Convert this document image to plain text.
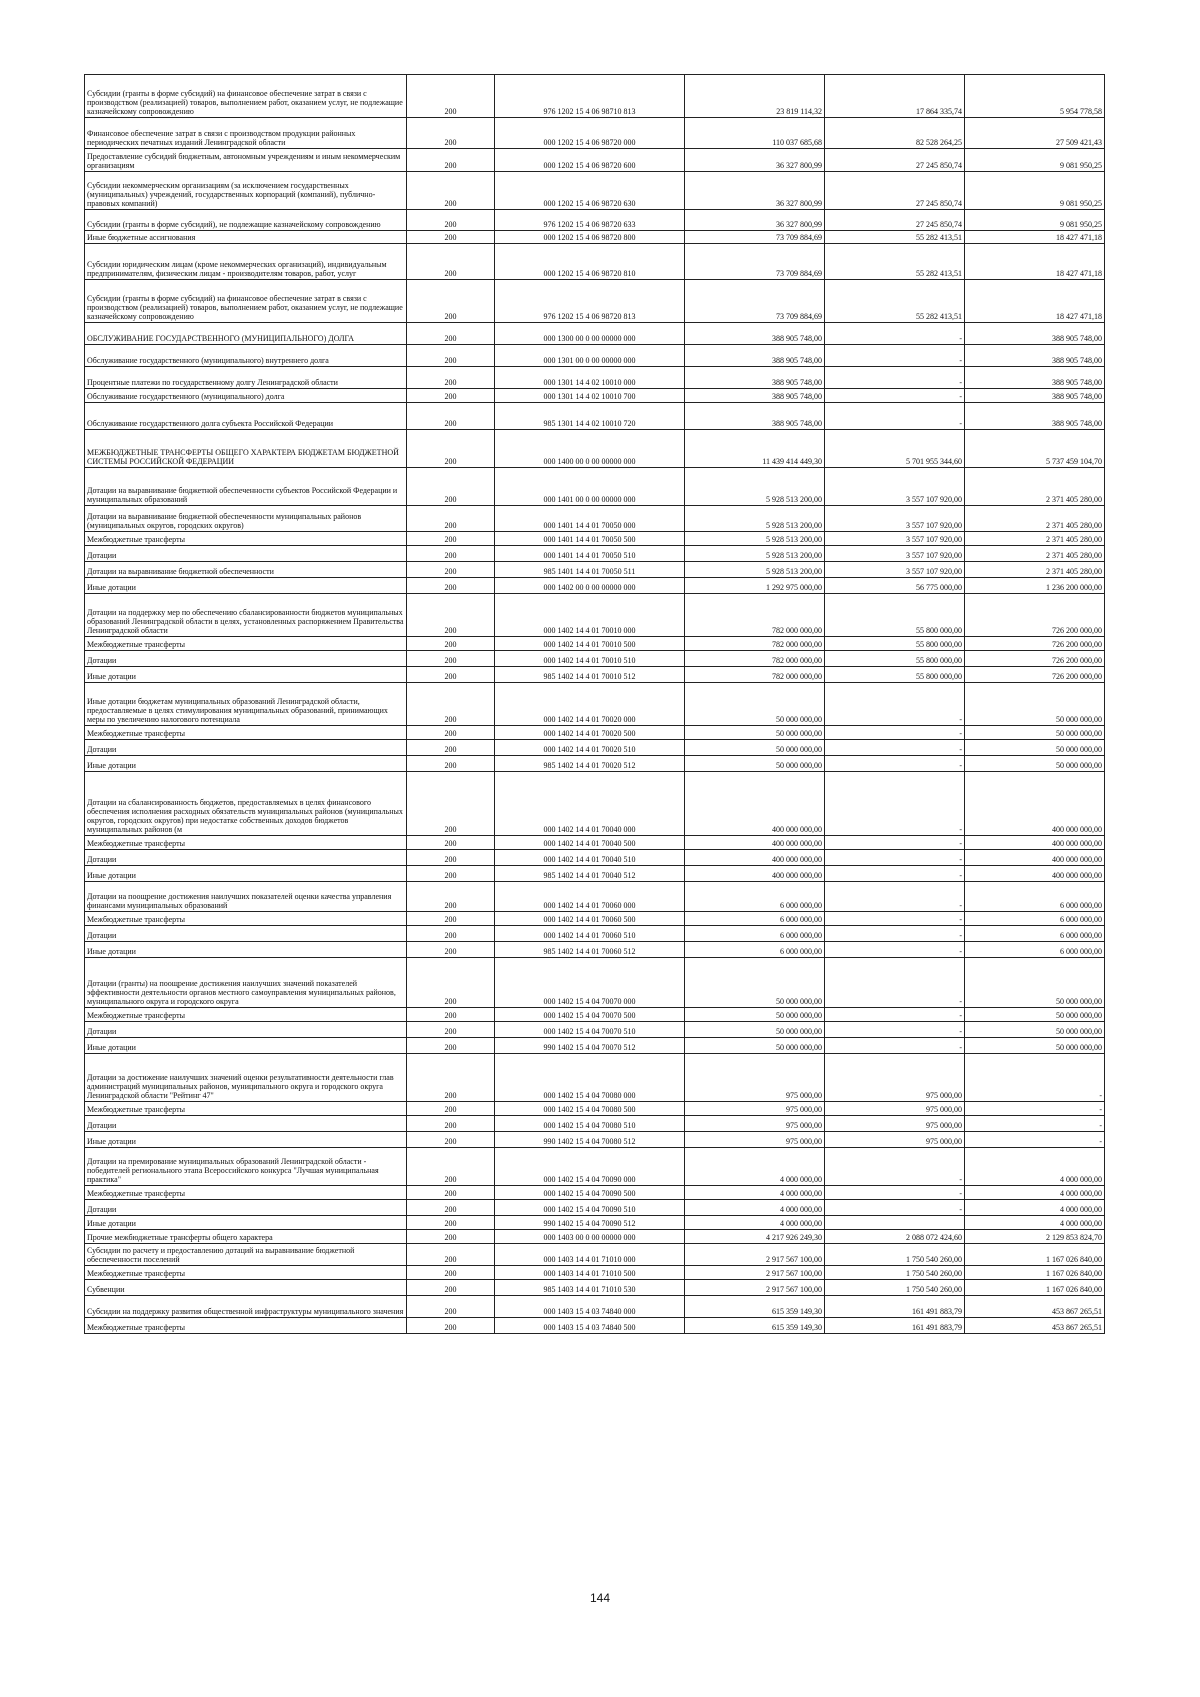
Субсидии (гранты в форме субсидий) на финансовое обеспечение затрат в связи с производством (реализацией) товаров, выполнением работ, оказанием услуг, не подлежащие казначейскому сопровождению	200	976 1202 15 4 06 98710 813	23 819 114,32	17 864 335,74	5 954 778,58
Финансовое обеспечение затрат в связи с производством продукции районных периодических печатных изданий Ленинградской области	200	000 1202 15 4 06 98720 000	110 037 685,68	82 528 264,25	27 509 421,43
Предоставление субсидий бюджетным, автономным учреждениям и иным некоммерческим организациям	200	000 1202 15 4 06 98720 600	36 327 800,99	27 245 850,74	9 081 950,25
Субсидии некоммерческим организациям (за исключением государственных (муниципальных) учреждений, государственных корпораций (компаний), публично-правовых компаний)	200	000 1202 15 4 06 98720 630	36 327 800,99	27 245 850,74	9 081 950,25
Субсидии (гранты в форме субсидий), не подлежащие казначейскому сопровождению	200	976 1202 15 4 06 98720 633	36 327 800,99	27 245 850,74	9 081 950,25
Иные бюджетные ассигнования	200	000 1202 15 4 06 98720 800	73 709 884,69	55 282 413,51	18 427 471,18
Субсидии юридическим лицам (кроме некоммерческих организаций), индивидуальным предпринимателям, физическим лицам - производителям товаров, работ, услуг	200	000 1202 15 4 06 98720 810	73 709 884,69	55 282 413,51	18 427 471,18
Субсидии (гранты в форме субсидий) на финансовое обеспечение затрат в связи с производством (реализацией) товаров, выполнением работ, оказанием услуг, не подлежащие казначейскому сопровождению	200	976 1202 15 4 06 98720 813	73 709 884,69	55 282 413,51	18 427 471,18
ОБСЛУЖИВАНИЕ ГОСУДАРСТВЕННОГО (МУНИЦИПАЛЬНОГО) ДОЛГА	200	000 1300 00 0 00 00000 000	388 905 748,00	-	388 905 748,00
Обслуживание государственного (муниципального) внутреннего долга	200	000 1301 00 0 00 00000 000	388 905 748,00	-	388 905 748,00
Процентные платежи по государственному долгу Ленинградской области	200	000 1301 14 4 02 10010 000	388 905 748,00	-	388 905 748,00
Обслуживание государственного (муниципального) долга	200	000 1301 14 4 02 10010 700	388 905 748,00	-	388 905 748,00
Обслуживание государственного долга субъекта Российской Федерации	200	985 1301 14 4 02 10010 720	388 905 748,00	-	388 905 748,00
МЕЖБЮДЖЕТНЫЕ ТРАНСФЕРТЫ ОБЩЕГО ХАРАКТЕРА БЮДЖЕТАМ БЮДЖЕТНОЙ СИСТЕМЫ РОССИЙСКОЙ ФЕДЕРАЦИИ	200	000 1400 00 0 00 00000 000	11 439 414 449,30	5 701 955 344,60	5 737 459 104,70
Дотации на выравнивание бюджетной обеспеченности субъектов Российской Федерации и муниципальных образований	200	000 1401 00 0 00 00000 000	5 928 513 200,00	3 557 107 920,00	2 371 405 280,00
Дотации на выравнивание бюджетной обеспеченности муниципальных районов (муниципальных округов, городских округов)	200	000 1401 14 4 01 70050 000	5 928 513 200,00	3 557 107 920,00	2 371 405 280,00
Межбюджетные трансферты	200	000 1401 14 4 01 70050 500	5 928 513 200,00	3 557 107 920,00	2 371 405 280,00
Дотации	200	000 1401 14 4 01 70050 510	5 928 513 200,00	3 557 107 920,00	2 371 405 280,00
Дотации на выравнивание бюджетной обеспеченности	200	985 1401 14 4 01 70050 511	5 928 513 200,00	3 557 107 920,00	2 371 405 280,00
Иные дотации	200	000 1402 00 0 00 00000 000	1 292 975 000,00	56 775 000,00	1 236 200 000,00
Дотации на поддержку мер по обеспечению сбалансированности бюджетов муниципальных образований Ленинградской области в целях, установленных распоряжением Правительства Ленинградской области	200	000 1402 14 4 01 70010 000	782 000 000,00	55 800 000,00	726 200 000,00
Межбюджетные трансферты	200	000 1402 14 4 01 70010 500	782 000 000,00	55 800 000,00	726 200 000,00
Дотации	200	000 1402 14 4 01 70010 510	782 000 000,00	55 800 000,00	726 200 000,00
Иные дотации	200	985 1402 14 4 01 70010 512	782 000 000,00	55 800 000,00	726 200 000,00
Иные дотации бюджетам муниципальных образований Ленинградской области, предоставляемые в целях стимулирования муниципальных образований, принимающих меры по увеличению налогового потенциала	200	000 1402 14 4 01 70020 000	50 000 000,00	-	50 000 000,00
Межбюджетные трансферты	200	000 1402 14 4 01 70020 500	50 000 000,00	-	50 000 000,00
Дотации	200	000 1402 14 4 01 70020 510	50 000 000,00	-	50 000 000,00
Иные дотации	200	985 1402 14 4 01 70020 512	50 000 000,00	-	50 000 000,00
Дотации на сбалансированность бюджетов, предоставляемых в целях финансового обеспечения исполнения расходных обязательств муниципальных районов (муниципальных округов, городских округов) при недостатке собственных доходов бюджетов муниципальных районов (м	200	000 1402 14 4 01 70040 000	400 000 000,00	-	400 000 000,00
Межбюджетные трансферты	200	000 1402 14 4 01 70040 500	400 000 000,00	-	400 000 000,00
Дотации	200	000 1402 14 4 01 70040 510	400 000 000,00	-	400 000 000,00
Иные дотации	200	985 1402 14 4 01 70040 512	400 000 000,00	-	400 000 000,00
Дотации на поощрение достижения наилучших показателей оценки качества управления финансами муниципальных образований	200	000 1402 14 4 01 70060 000	6 000 000,00	-	6 000 000,00
Межбюджетные трансферты	200	000 1402 14 4 01 70060 500	6 000 000,00	-	6 000 000,00
Дотации	200	000 1402 14 4 01 70060 510	6 000 000,00	-	6 000 000,00
Иные дотации	200	985 1402 14 4 01 70060 512	6 000 000,00	-	6 000 000,00
Дотации (гранты) на поощрение достижения наилучших значений показателей эффективности деятельности органов местного самоуправления муниципальных районов, муниципального округа и городского округа	200	000 1402 15 4 04 70070 000	50 000 000,00	-	50 000 000,00
Межбюджетные трансферты	200	000 1402 15 4 04 70070 500	50 000 000,00	-	50 000 000,00
Дотации	200	000 1402 15 4 04 70070 510	50 000 000,00	-	50 000 000,00
Иные дотации	200	990 1402 15 4 04 70070 512	50 000 000,00	-	50 000 000,00
Дотации за достижение наилучших значений оценки результативности деятельности глав администраций муниципальных районов, муниципального округа и городского округа Ленинградской области "Рейтинг 47"	200	000 1402 15 4 04 70080 000	975 000,00	975 000,00	-
Межбюджетные трансферты	200	000 1402 15 4 04 70080 500	975 000,00	975 000,00	-
Дотации	200	000 1402 15 4 04 70080 510	975 000,00	975 000,00	-
Иные дотации	200	990 1402 15 4 04 70080 512	975 000,00	975 000,00	-
Дотации на премирование муниципальных образований Ленинградской области - победителей регионального этапа Всероссийского конкурса "Лучшая муниципальная практика"	200	000 1402 15 4 04 70090 000	4 000 000,00	-	4 000 000,00
Межбюджетные трансферты	200	000 1402 15 4 04 70090 500	4 000 000,00	-	4 000 000,00
Дотации	200	000 1402 15 4 04 70090 510	4 000 000,00	-	4 000 000,00
Иные дотации	200	990 1402 15 4 04 70090 512	4 000 000,00		4 000 000,00
Прочие межбюджетные трансферты общего характера	200	000 1403 00 0 00 00000 000	4 217 926 249,30	2 088 072 424,60	2 129 853 824,70
Субсидии по расчету и предоставлению дотаций на выравнивание бюджетной обеспеченности поселений	200	000 1403 14 4 01 71010 000	2 917 567 100,00	1 750 540 260,00	1 167 026 840,00
Межбюджетные трансферты	200	000 1403 14 4 01 71010 500	2 917 567 100,00	1 750 540 260,00	1 167 026 840,00
Субвенции	200	985 1403 14 4 01 71010 530	2 917 567 100,00	1 750 540 260,00	1 167 026 840,00
Субсидии на поддержку развития общественной инфраструктуры муниципального значения	200	000 1403 15 4 03 74840 000	615 359 149,30	161 491 883,79	453 867 265,51
Межбюджетные трансферты	200	000 1403 15 4 03 74840 500	615 359 149,30	161 491 883,79	453 867 265,51
144
